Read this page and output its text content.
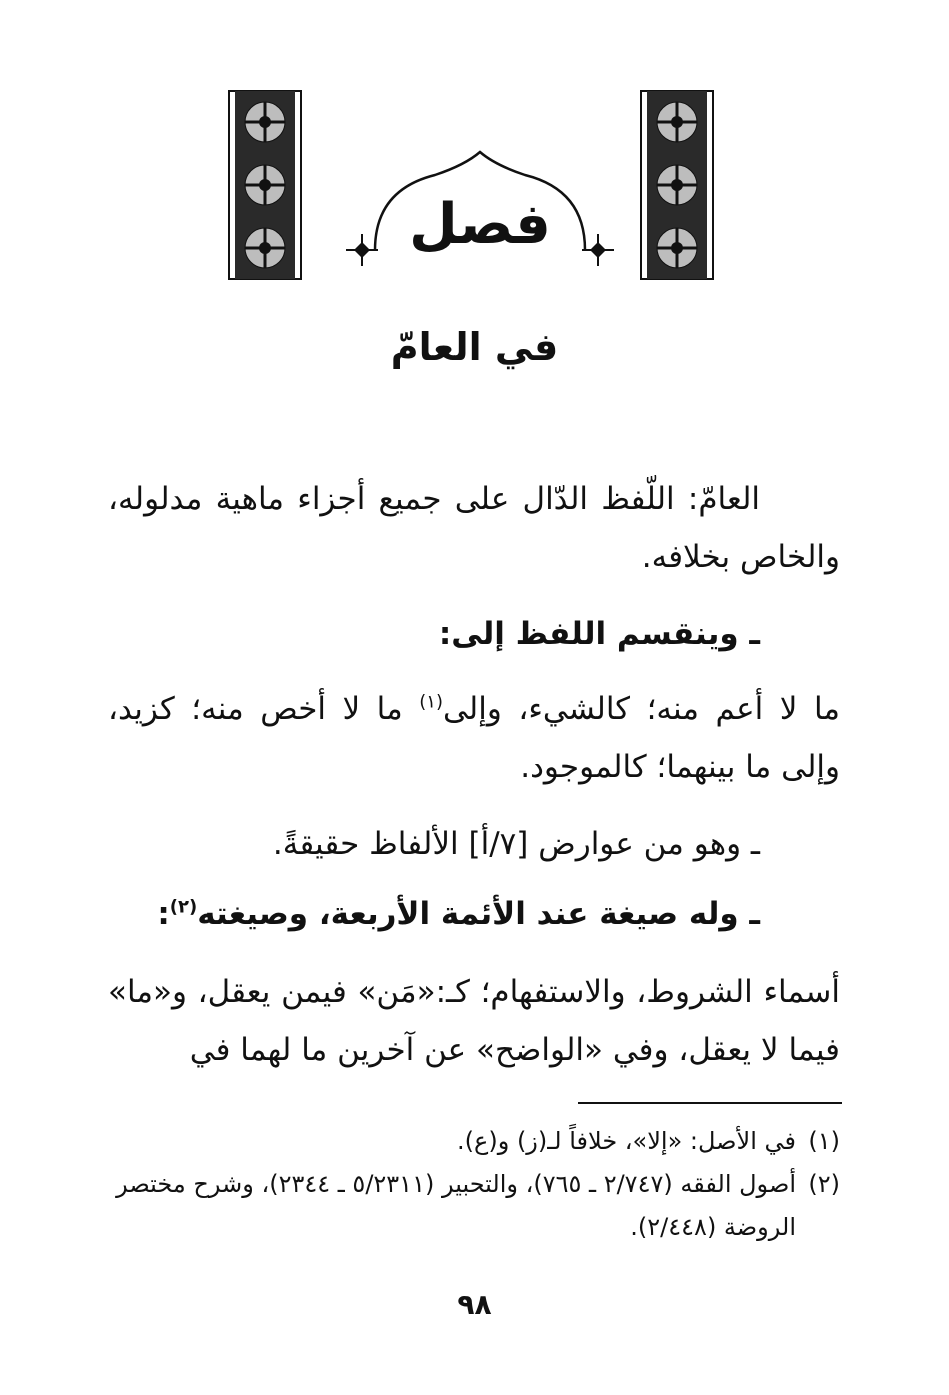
فصل
في العامّ
العامّ: اللّفظ الدّال على جميع أجزاء ماهية مدلوله، والخاص بخلافه.
ـ وينقسم اللفظ إلى:
ما لا أعم منه؛ كالشيء، وإلى$^{(١)}$ ما لا أخص منه؛ كزيد، وإلى ما بينهما؛ كالموجود.
ـ وهو من عوارض [٧/أ] الألفاظ حقيقةً.
ـ وله صيغة عند الأئمة الأربعة، وصيغته$^{(٢)}$:
أسماء الشروط، والاستفهام؛ كـ:«مَن» فيمن يعقل، و«ما» فيما لا يعقل، وفي «الواضح» عن آخرين ما لهما في
(١)
في الأصل: «إلا»، خلافاً لـ(ز) و(ع).
(٢)
أصول الفقه (٢/٧٤٧ ـ ٧٦٥)، والتحبير (٥/٢٣١١ ـ ٢٣٤٤)، وشرح مختصر الروضة (٢/٤٤٨).
٩٨
